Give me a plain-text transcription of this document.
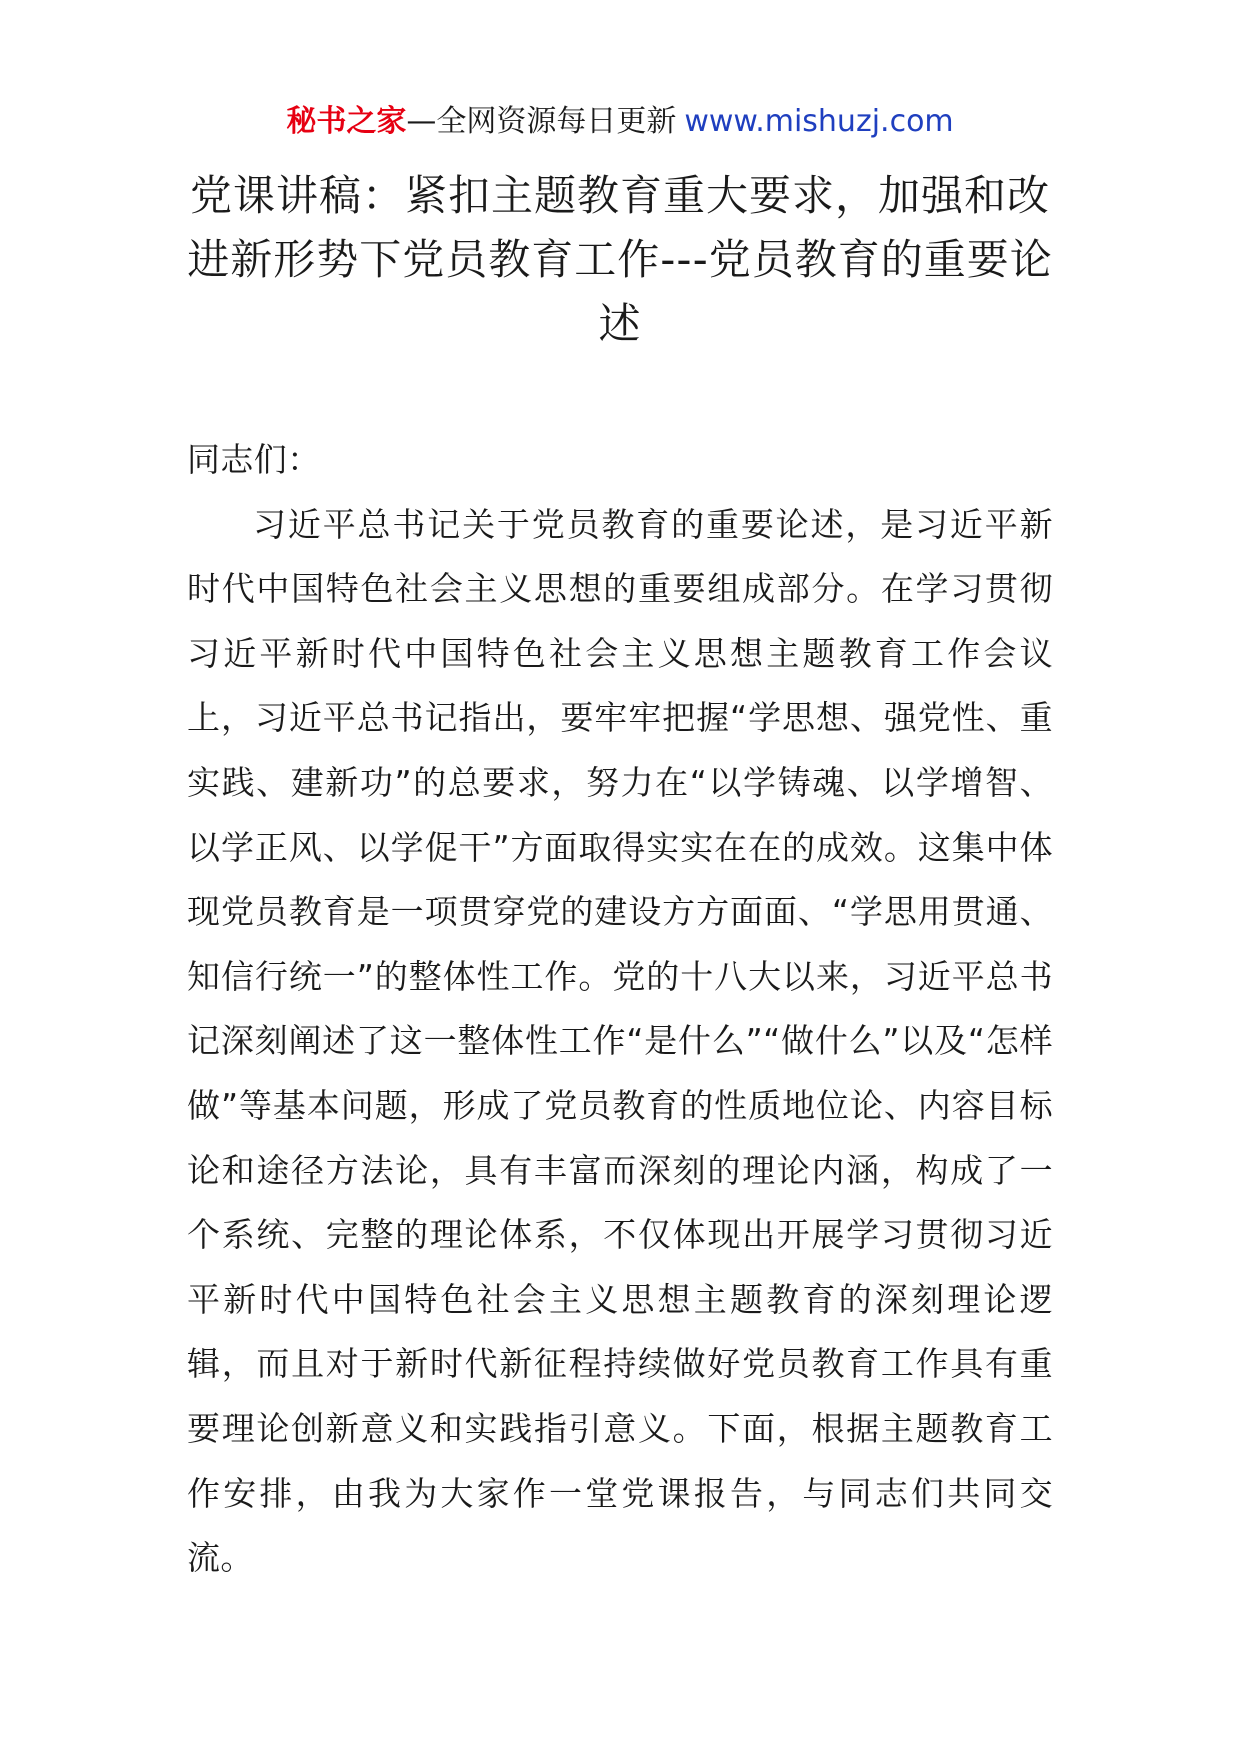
秘书之家—全网资源每日更新 www.mishuzj.com
党课讲稿：紧扣主题教育重大要求，加强和改进新形势下党员教育工作---党员教育的重要论述

同志们：

习近平总书记关于党员教育的重要论述，是习近平新时代中国特色社会主义思想的重要组成部分。在学习贯彻习近平新时代中国特色社会主义思想主题教育工作会议上，习近平总书记指出，要牢牢把握“学思想、强党性、重实践、建新功”的总要求，努力在“以学铸魂、以学增智、以学正风、以学促干”方面取得实实在在的成效。这集中体现党员教育是一项贯穿党的建设方方面面、“学思用贯通、知信行统一”的整体性工作。党的十八大以来，习近平总书记深刻阐述了这一整体性工作“是什么”“做什么”以及“怎样做”等基本问题，形成了党员教育的性质地位论、内容目标论和途径方法论，具有丰富而深刻的理论内涵，构成了一个系统、完整的理论体系，不仅体现出开展学习贯彻习近平新时代中国特色社会主义思想主题教育的深刻理论逻辑，而且对于新时代新征程持续做好党员教育工作具有重要理论创新意义和实践指引意义。下面，根据主题教育工作安排，由我为大家作一堂党课报告，与同志们共同交流。
